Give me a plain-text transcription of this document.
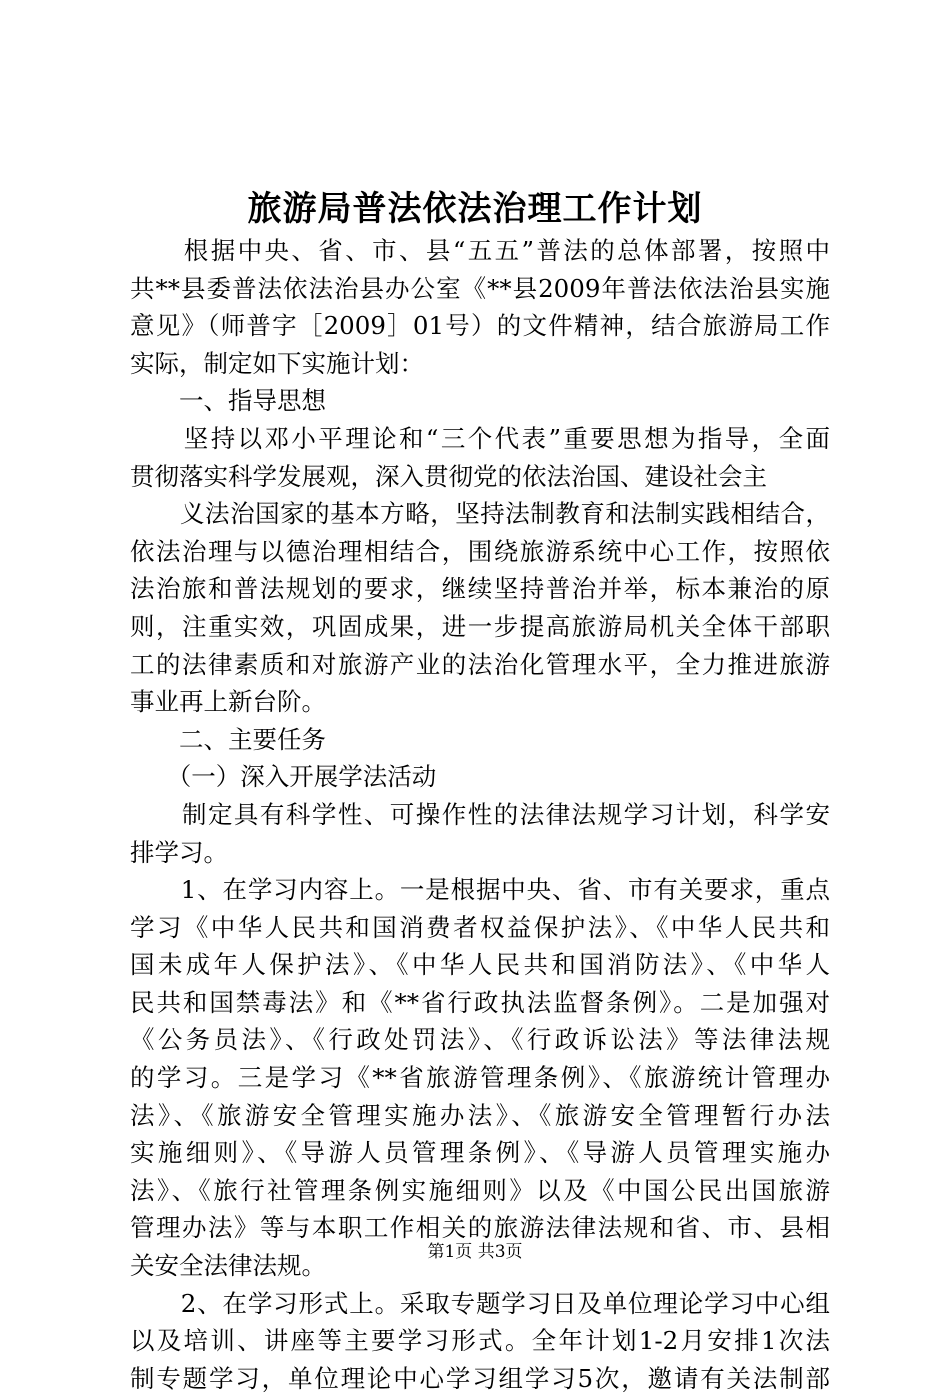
旅游局普法依法治理工作计划
　　根据中央、省、市、县“五五”普法的总体部署，按照中
共**县委普法依法治县办公室《**县2009年普法依法治县实施
意见》（师普字［2009］01号）的文件精神，结合旅游局工作
实际，制定如下实施计划：
　　一、指导思想
　　坚持以邓小平理论和“三个代表”重要思想为指导，全面
贯彻落实科学发展观，深入贯彻党的依法治国、建设社会主
　　义法治国家的基本方略，坚持法制教育和法制实践相结合，
依法治理与以德治理相结合，围绕旅游系统中心工作，按照依
法治旅和普法规划的要求，继续坚持普治并举，标本兼治的原
则，注重实效，巩固成果，进一步提高旅游局机关全体干部职
工的法律素质和对旅游产业的法治化管理水平，全力推进旅游
事业再上新台阶。
　　二、主要任务
　　（一）深入开展学法活动
　　制定具有科学性、可操作性的法律法规学习计划，科学安
排学习。
　　1、在学习内容上。一是根据中央、省、市有关要求，重点
学习《中华人民共和国消费者权益保护法》、《中华人民共和
国未成年人保护法》、《中华人民共和国消防法》、《中华人
民共和国禁毒法》和《**省行政执法监督条例》。二是加强对
《公务员法》、《行政处罚法》、《行政诉讼法》等法律法规
的学习。三是学习《**省旅游管理条例》、《旅游统计管理办
法》、《旅游安全管理实施办法》、《旅游安全管理暂行办法
实施细则》、《导游人员管理条例》、《导游人员管理实施办
法》、《旅行社管理条例实施细则》以及《中国公民出国旅游
管理办法》等与本职工作相关的旅游法律法规和省、市、县相
关安全法律法规。
　　2、在学习形式上。采取专题学习日及单位理论学习中心组
以及培训、讲座等主要学习形式。全年计划1-2月安排1次法
制专题学习，单位理论中心学习组学习5次，邀请有关法制部
第1页 共3页
